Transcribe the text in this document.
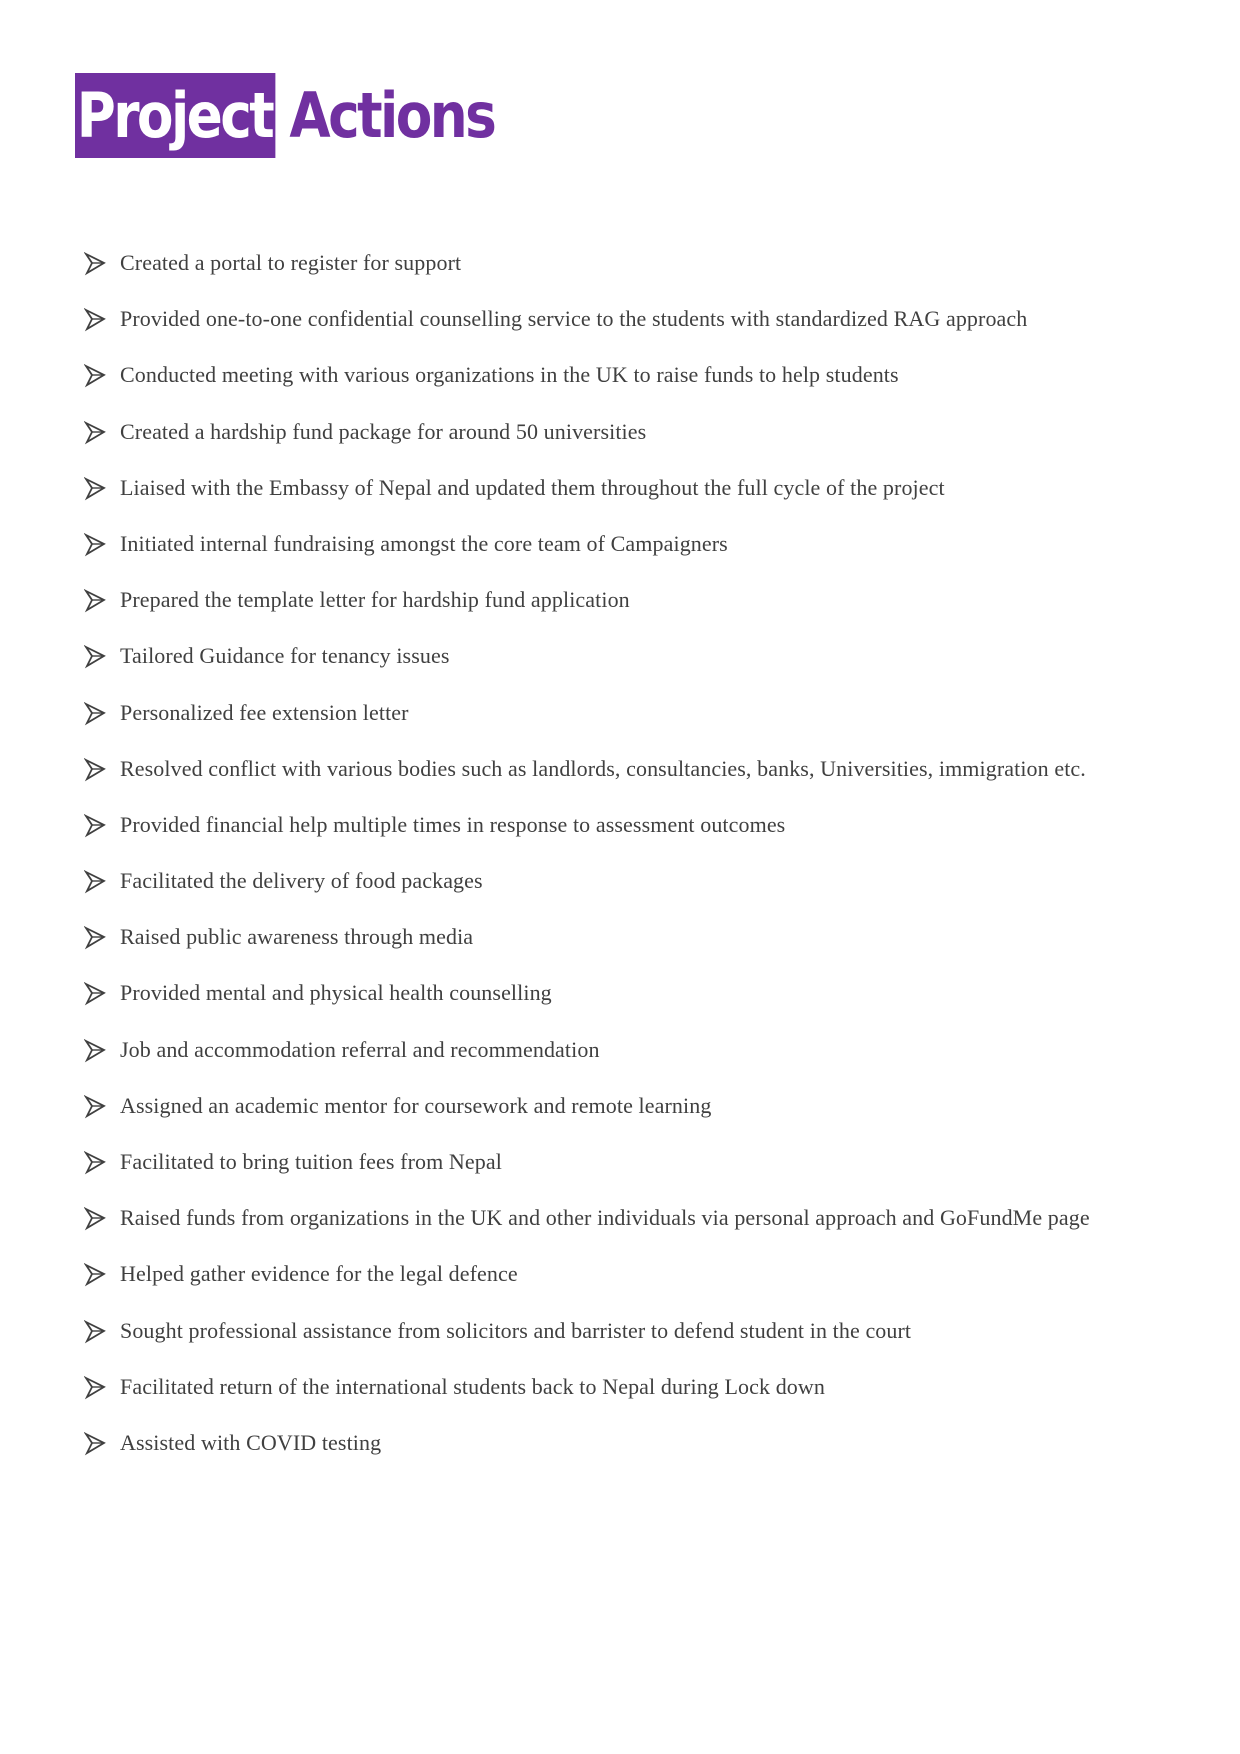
Project Actions
Created a portal to register for support
Provided one-to-one confidential counselling service to the students with standardized RAG approach
Conducted meeting with various organizations in the UK to raise funds to help students
Created a hardship fund package for around 50 universities
Liaised with the Embassy of Nepal and updated them throughout the full cycle of the project
Initiated internal fundraising amongst the core team of Campaigners
Prepared the template letter for hardship fund application
Tailored Guidance for tenancy issues
Personalized fee extension letter
Resolved conflict with various bodies such as landlords, consultancies, banks, Universities, immigration etc.
Provided financial help multiple times in response to assessment outcomes
Facilitated the delivery of food packages
Raised public awareness through media
Provided mental and physical health counselling
Job and accommodation referral and recommendation
Assigned an academic mentor for coursework and remote learning
Facilitated to bring tuition fees from Nepal
Raised funds from organizations in the UK and other individuals via personal approach and GoFundMe page
Helped gather evidence for the legal defence
Sought professional assistance from solicitors and barrister to defend student in the court
Facilitated return of the international students back to Nepal during Lock down
Assisted with COVID testing
